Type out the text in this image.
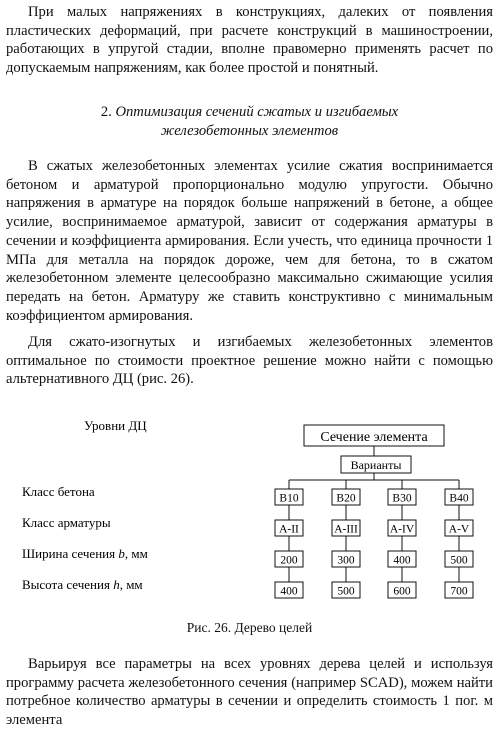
При малых напряжениях в конструкциях, далеких от появления пластических деформаций, при расчете конструкций в машиностроении, работающих в упругой стадии, вполне правомерно применять расчет по допускаемым напряжениям, как более простой и понятный.

2. Оптимизация сечений сжатых и изгибаемых
железобетонных элементов

В сжатых железобетонных элементах усилие сжатия воспринимается бетоном и арматурой пропорционально модулю упругости. Обычно напряжения в арматуре на порядок больше напряжений в бетоне, а общее усилие, воспринимаемое арматурой, зависит от содержания арматуры в сечении и коэффициента армирования. Если учесть, что единица прочности 1 МПа для металла на порядок дороже, чем для бетона, то в сжатом железобетонном элементе целесообразно максимально сжимающие усилия передать на бетон. Арматуру же ставить конструктивно с минимальным коэффициентом армирования.

Для сжато-изогнутых и изгибаемых железобетонных элементов оптимальное по стоимости проектное решение можно найти с помощью альтернативного ДЦ (рис. 26).

Сечение элемента
Варианты
Уровни ДЦ
Класс бетона
Класс арматуры
Ширина сечения b, мм
Высота сечения h, мм
B10	B20	B30	B40
A-II	A-III	A-IV	A-V
200	300	400	500
400	500	600	700

Рис. 26. Дерево целей

Варьируя все параметры на всех уровнях дерева целей и используя программу расчета железобетонного сечения (например SCAD), можем найти потребное количество арматуры в сечении и определить стоимость 1 пог. м элемента
